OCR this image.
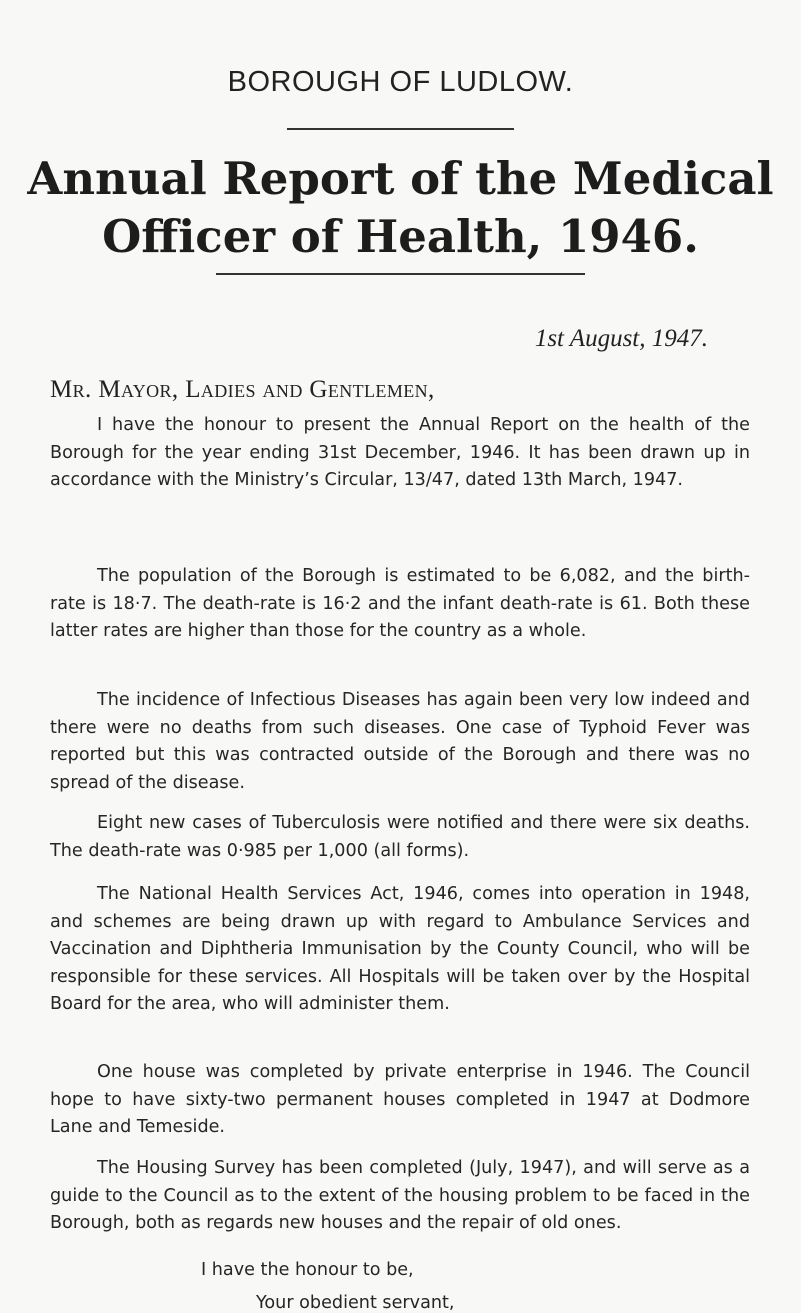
BOROUGH OF LUDLOW.
Annual Report of the Medical
Officer of Health, 1946.
1st August, 1947.
Mr. Mayor, Ladies and Gentlemen,

I have the honour to present the Annual Report on the health of the Borough for the year ending 31st December, 1946. It has been drawn up in accordance with the Ministry’s Circular, 13/47, dated 13th March, 1947.

The population of the Borough is estimated to be 6,082, and the birth-rate is 18·7. The death-rate is 16·2 and the infant death-rate is 61. Both these latter rates are higher than those for the country as a whole.

The incidence of Infectious Diseases has again been very low indeed and there were no deaths from such diseases. One case of Typhoid Fever was reported but this was contracted outside of the Borough and there was no spread of the disease.

Eight new cases of Tuberculosis were notified and there were six deaths. The death-rate was 0·985 per 1,000 (all forms).

The National Health Services Act, 1946, comes into operation in 1948, and schemes are being drawn up with regard to Ambulance Services and Vaccination and Diphtheria Immunisation by the County Council, who will be responsible for these services. All Hospitals will be taken over by the Hospital Board for the area, who will administer them.

One house was completed by private enterprise in 1946. The Council hope to have sixty-two permanent houses completed in 1947 at Dodmore Lane and Temeside.

The Housing Survey has been completed (July, 1947), and will serve as a guide to the Council as to the extent of the housing problem to be faced in the Borough, both as regards new houses and the repair of old ones.

I have the honour to be,
Your obedient servant,
